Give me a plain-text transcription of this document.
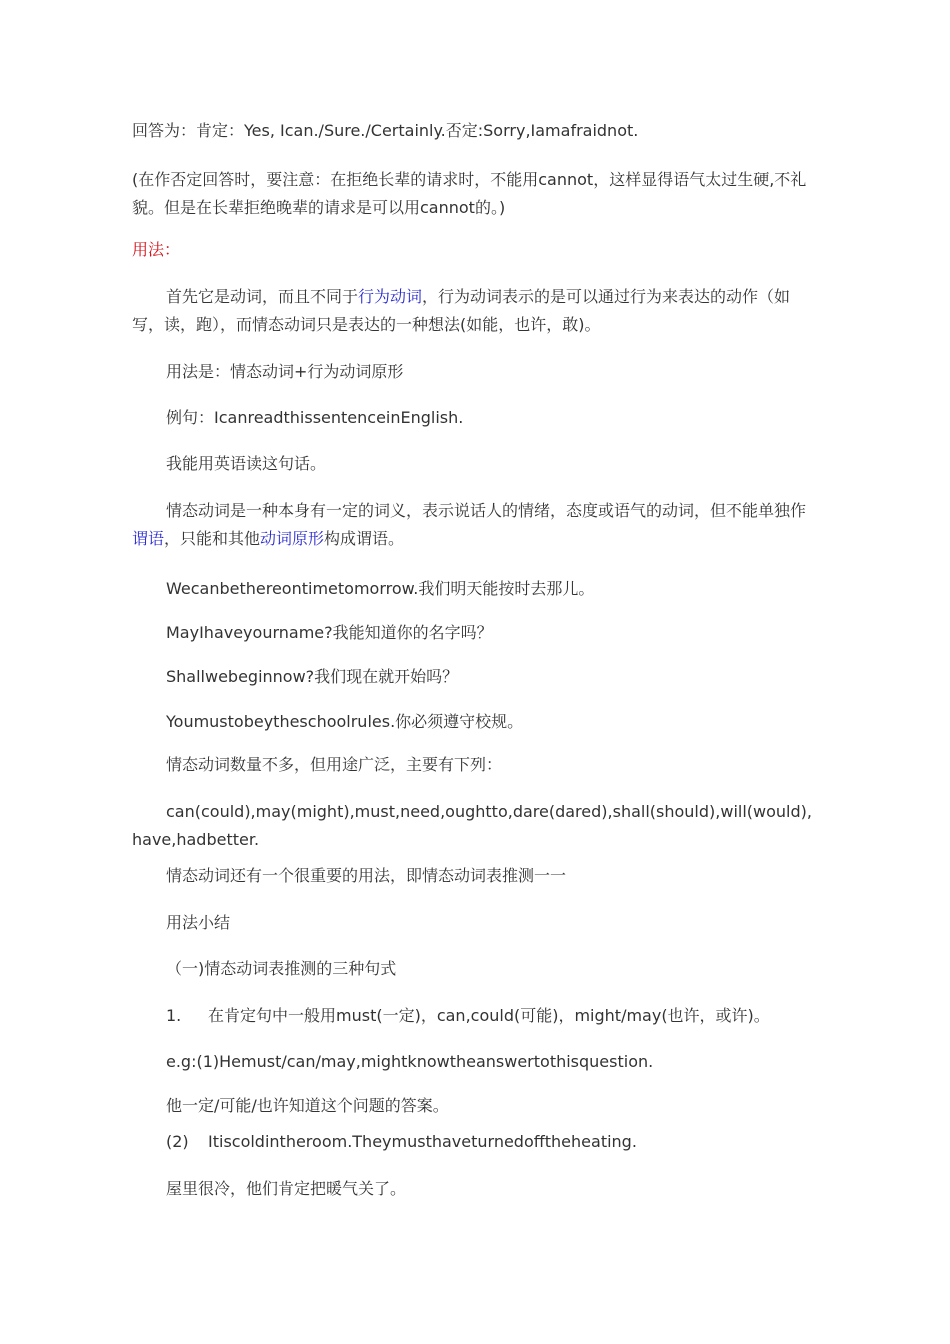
回答为：肯定：Yes, Ican./Sure./Certainly.否定:Sorry,Iamafraidnot.
(在作否定回答时，要注意：在拒绝长辈的请求时，不能用cannot，这样显得语气太过生硬,不礼貌。但是在长辈拒绝晚辈的请求是可以用cannot的。)
用法：
首先它是动词，而且不同于行为动词，行为动词表示的是可以通过行为来表达的动作（如写，读，跑），而情态动词只是表达的一种想法(如能，也许，敢)。
用法是：情态动词+行为动词原形
例句：IcanreadthissentenceinEnglish.
我能用英语读这句话。
情态动词是一种本身有一定的词义，表示说话人的情绪，态度或语气的动词，但不能单独作谓语，只能和其他动词原形构成谓语。
Wecanbethereontimetomorrow.我们明天能按时去那儿。
MayIhaveyourname?我能知道你的名字吗？
Shallwebeginnow?我们现在就开始吗？
Youmustobeytheschoolrules.你必须遵守校规。
情态动词数量不多，但用途广泛，主要有下列：
can(could),may(might),must,need,oughtto,dare(dared),shall(should),will(would),have,hadbetter.
情态动词还有一个很重要的用法，即情态动词表推测一一
用法小结
（一)情态动词表推测的三种句式
1. 在肯定句中一般用must(一定)，can,could(可能)，might/may(也许，或许)。
e.g:(1)Hemust/can/may,mightknowtheanswertothisquestion.
他一定/可能/也许知道这个问题的答案。
(2) Itiscoldintheroom.Theymusthaveturnedofftheheating.
屋里很冷，他们肯定把暖气关了。
